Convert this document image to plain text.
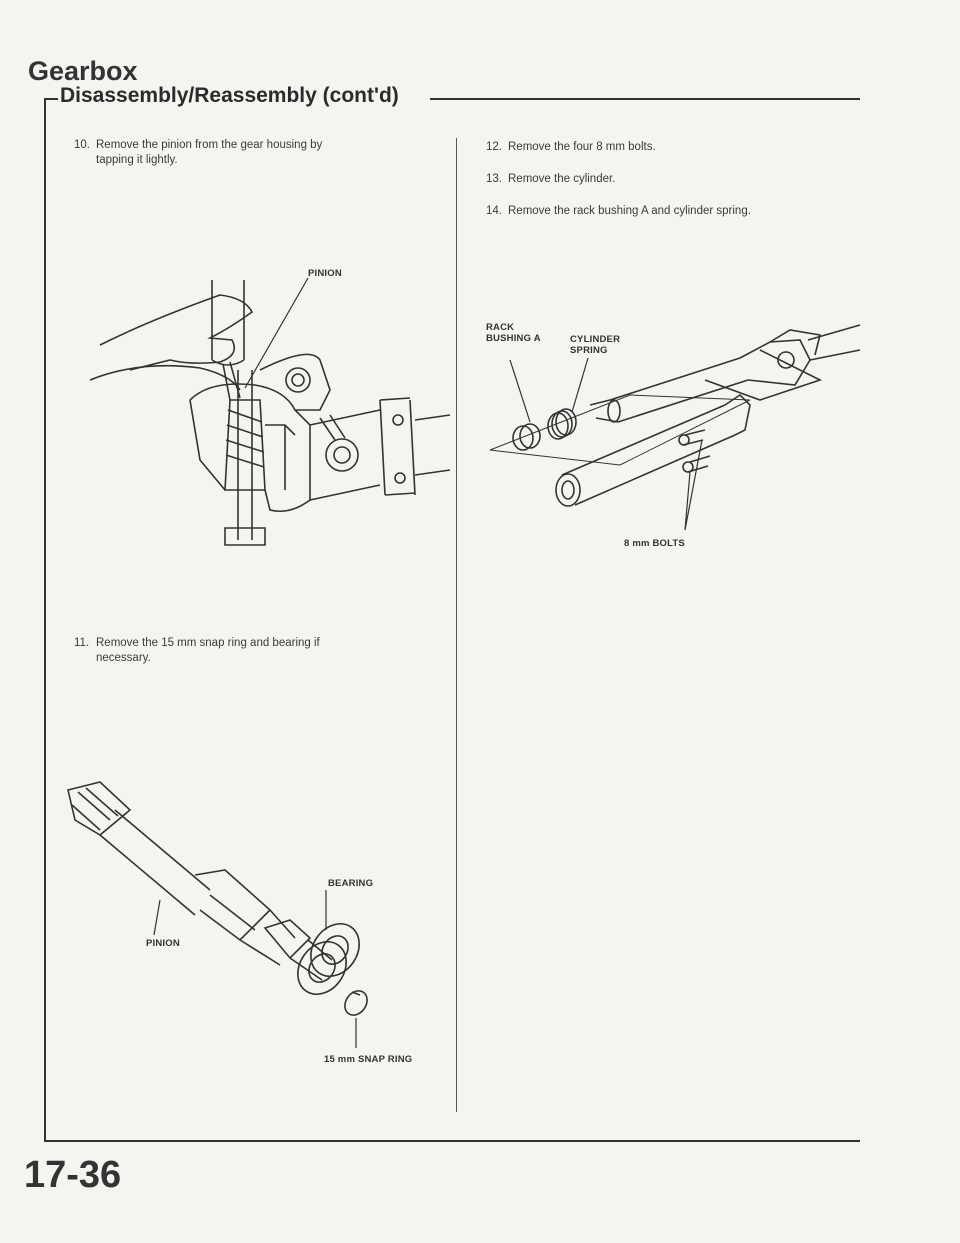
Gearbox
Disassembly/Reassembly (cont'd)
10. Remove the pinion from the gear housing by
tapping it lightly.
PINION
11. Remove the 15 mm snap ring and bearing if
necessary.
BEARING
PINION
15 mm SNAP RING
12. Remove the four 8 mm bolts.
13. Remove the cylinder.
14. Remove the rack bushing A and cylinder spring.
RACK
BUSHING A	CYLINDER
SPRING
8 mm BOLTS
17-36
